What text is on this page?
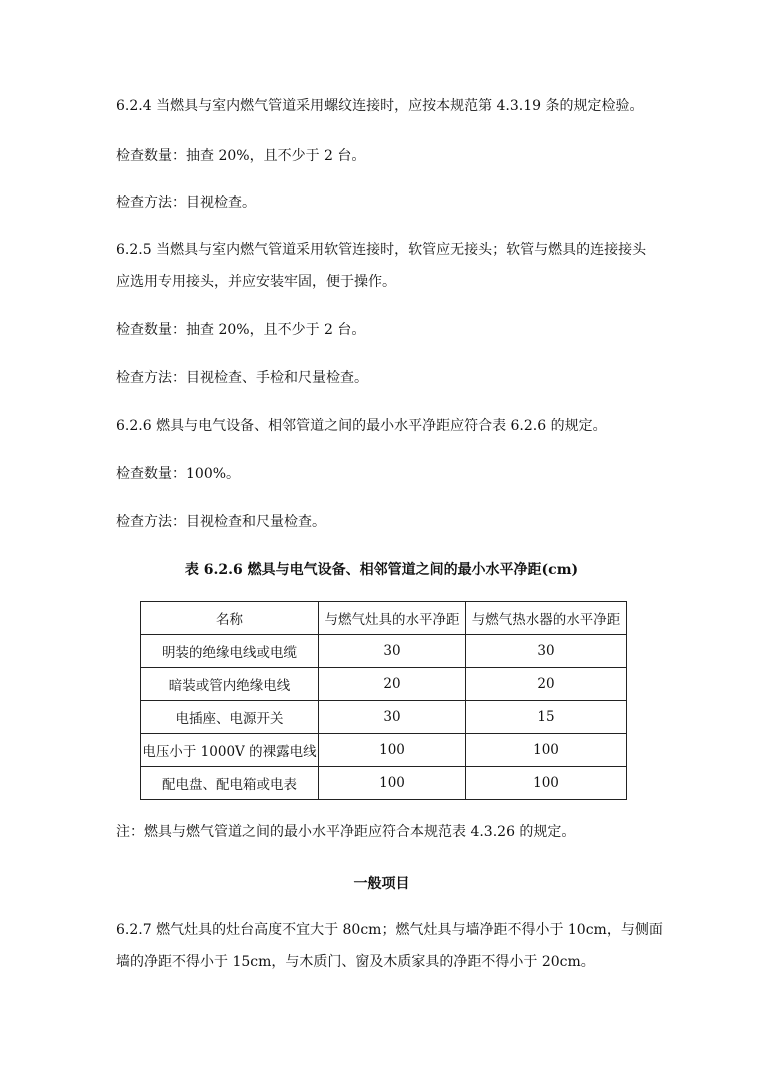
6.2.4 当燃具与室内燃气管道采用螺纹连接时，应按本规范第 4.3.19 条的规定检验。

检查数量：抽查 20%，且不少于 2 台。

检查方法：目视检查。

6.2.5 当燃具与室内燃气管道采用软管连接时，软管应无接头；软管与燃具的连接接头

应选用专用接头，并应安装牢固，便于操作。

检查数量：抽查 20%，且不少于 2 台。

检查方法：目视检查、手检和尺量检查。

6.2.6 燃具与电气设备、相邻管道之间的最小水平净距应符合表 6.2.6 的规定。

检查数量：100%。

检查方法：目视检查和尺量检查。

表 6.2.6 燃具与电气设备、相邻管道之间的最小水平净距(cm)

名称	与燃气灶具的水平净距	与燃气热水器的水平净距
明装的绝缘电线或电缆	30	30
暗装或管内绝缘电线	20	20
电插座、电源开关	30	15
电压小于 1000V 的裸露电线	100	100
配电盘、配电箱或电表	100	100

注：燃具与燃气管道之间的最小水平净距应符合本规范表 4.3.26 的规定。

一般项目

6.2.7 燃气灶具的灶台高度不宜大于 80cm；燃气灶具与墙净距不得小于 10cm，与侧面

墙的净距不得小于 15cm，与木质门、窗及木质家具的净距不得小于 20cm。
